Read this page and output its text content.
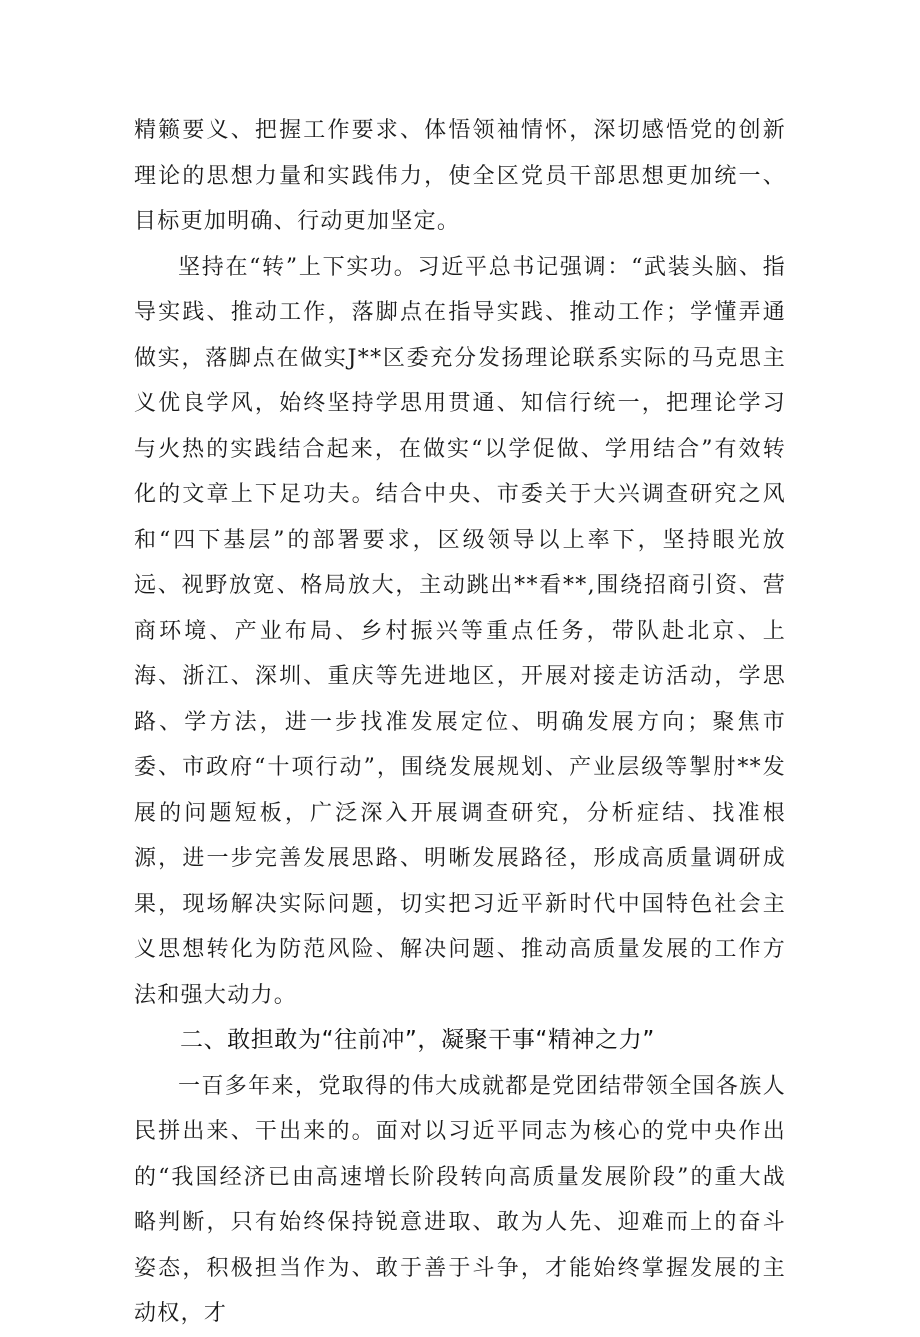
精籁要义、把握工作要求、体悟领袖情怀，深切感悟党的创新理论的思想力量和实践伟力，使全区党员干部思想更加统一、目标更加明确、行动更加坚定。

坚持在“转”上下实功。习近平总书记强调：“武装头脑、指导实践、推动工作，落脚点在指导实践、推动工作；学懂弄通做实，落脚点在做实J**区委充分发扬理论联系实际的马克思主义优良学风，始终坚持学思用贯通、知信行统一，把理论学习与火热的实践结合起来，在做实“以学促做、学用结合”有效转化的文章上下足功夫。结合中央、市委关于大兴调查研究之风和“四下基层”的部署要求，区级领导以上率下，坚持眼光放远、视野放宽、格局放大，主动跳出**看**,围绕招商引资、营商环境、产业布局、乡村振兴等重点任务，带队赴北京、上海、浙江、深圳、重庆等先进地区，开展对接走访活动，学思路、学方法，进一步找准发展定位、明确发展方向；聚焦市委、市政府“十项行动”，围绕发展规划、产业层级等掣肘**发展的问题短板，广泛深入开展调查研究，分析症结、找准根源，进一步完善发展思路、明晰发展路径，形成高质量调研成果，现场解决实际问题，切实把习近平新时代中国特色社会主义思想转化为防范风险、解决问题、推动高质量发展的工作方法和强大动力。

二、敢担敢为“往前冲”，凝聚干事“精神之力”

一百多年来，党取得的伟大成就都是党团结带领全国各族人民拼出来、干出来的。面对以习近平同志为核心的党中央作出的“我国经济已由高速增长阶段转向高质量发展阶段”的重大战略判断，只有始终保持锐意进取、敢为人先、迎难而上的奋斗姿态，积极担当作为、敢于善于斗争，才能始终掌握发展的主动权，才
